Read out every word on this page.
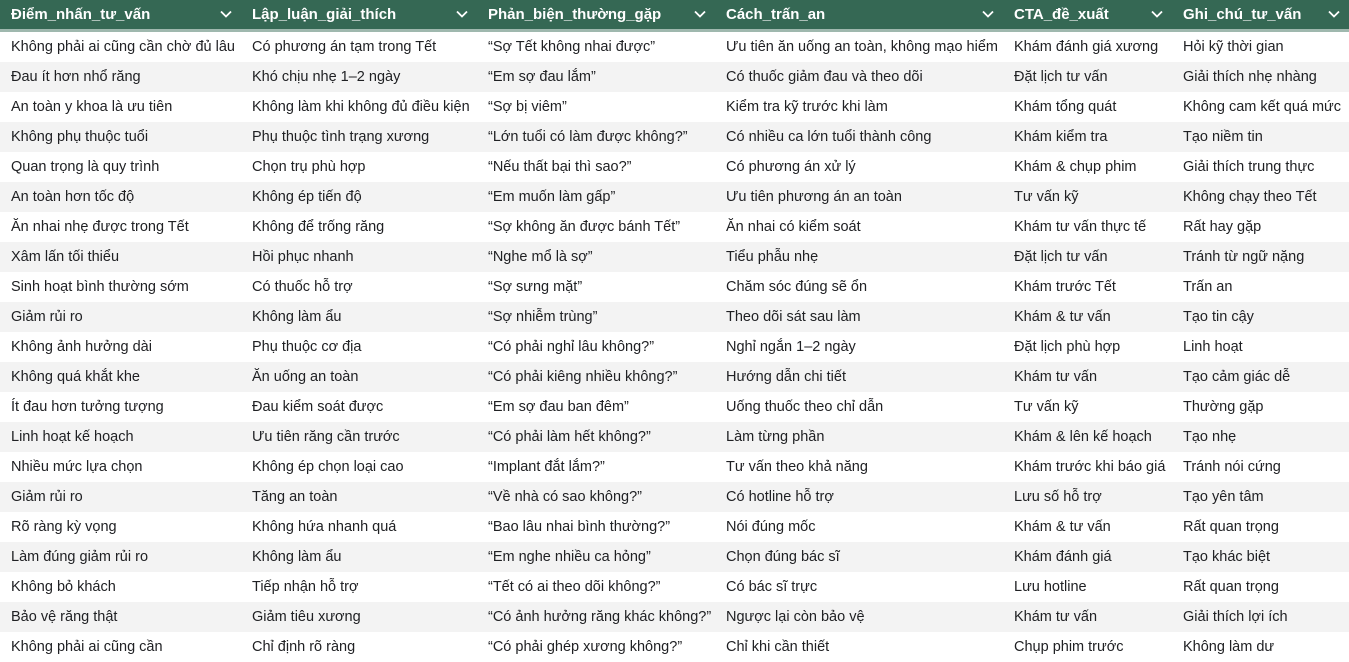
Điểm_nhấn_tư_vấn	Lập_luận_giải_thích	Phản_biện_thường_gặp	Cách_trấn_an	CTA_đề_xuất	Ghi_chú_tư_vấn
Không phải ai cũng cần chờ đủ lâu	Có phương án tạm trong Tết	“Sợ Tết không nhai được”	Ưu tiên ăn uống an toàn, không mạo hiểm	Khám đánh giá xương	Hỏi kỹ thời gian
Đau ít hơn nhổ răng	Khó chịu nhẹ 1–2 ngày	“Em sợ đau lắm”	Có thuốc giảm đau và theo dõi	Đặt lịch tư vấn	Giải thích nhẹ nhàng
An toàn y khoa là ưu tiên	Không làm khi không đủ điều kiện	“Sợ bị viêm”	Kiểm tra kỹ trước khi làm	Khám tổng quát	Không cam kết quá mức
Không phụ thuộc tuổi	Phụ thuộc tình trạng xương	“Lớn tuổi có làm được không?”	Có nhiều ca lớn tuổi thành công	Khám kiểm tra	Tạo niềm tin
Quan trọng là quy trình	Chọn trụ phù hợp	“Nếu thất bại thì sao?”	Có phương án xử lý	Khám & chụp phim	Giải thích trung thực
An toàn hơn tốc độ	Không ép tiến độ	“Em muốn làm gấp”	Ưu tiên phương án an toàn	Tư vấn kỹ	Không chạy theo Tết
Ăn nhai nhẹ được trong Tết	Không để trống răng	“Sợ không ăn được bánh Tết”	Ăn nhai có kiểm soát	Khám tư vấn thực tế	Rất hay gặp
Xâm lấn tối thiểu	Hồi phục nhanh	“Nghe mổ là sợ”	Tiểu phẫu nhẹ	Đặt lịch tư vấn	Tránh từ ngữ nặng
Sinh hoạt bình thường sớm	Có thuốc hỗ trợ	“Sợ sưng mặt”	Chăm sóc đúng sẽ ổn	Khám trước Tết	Trấn an
Giảm rủi ro	Không làm ẩu	“Sợ nhiễm trùng”	Theo dõi sát sau làm	Khám & tư vấn	Tạo tin cậy
Không ảnh hưởng dài	Phụ thuộc cơ địa	“Có phải nghỉ lâu không?”	Nghỉ ngắn 1–2 ngày	Đặt lịch phù hợp	Linh hoạt
Không quá khắt khe	Ăn uống an toàn	“Có phải kiêng nhiều không?”	Hướng dẫn chi tiết	Khám tư vấn	Tạo cảm giác dễ
Ít đau hơn tưởng tượng	Đau kiểm soát được	“Em sợ đau ban đêm”	Uống thuốc theo chỉ dẫn	Tư vấn kỹ	Thường gặp
Linh hoạt kế hoạch	Ưu tiên răng cần trước	“Có phải làm hết không?”	Làm từng phần	Khám & lên kế hoạch	Tạo nhẹ
Nhiều mức lựa chọn	Không ép chọn loại cao	“Implant đắt lắm?”	Tư vấn theo khả năng	Khám trước khi báo giá	Tránh nói cứng
Giảm rủi ro	Tăng an toàn	“Về nhà có sao không?”	Có hotline hỗ trợ	Lưu số hỗ trợ	Tạo yên tâm
Rõ ràng kỳ vọng	Không hứa nhanh quá	“Bao lâu nhai bình thường?”	Nói đúng mốc	Khám & tư vấn	Rất quan trọng
Làm đúng giảm rủi ro	Không làm ẩu	“Em nghe nhiều ca hỏng”	Chọn đúng bác sĩ	Khám đánh giá	Tạo khác biệt
Không bỏ khách	Tiếp nhận hỗ trợ	“Tết có ai theo dõi không?”	Có bác sĩ trực	Lưu hotline	Rất quan trọng
Bảo vệ răng thật	Giảm tiêu xương	“Có ảnh hưởng răng khác không?”	Ngược lại còn bảo vệ	Khám tư vấn	Giải thích lợi ích
Không phải ai cũng cần	Chỉ định rõ ràng	“Có phải ghép xương không?”	Chỉ khi cần thiết	Chụp phim trước	Không làm dư
